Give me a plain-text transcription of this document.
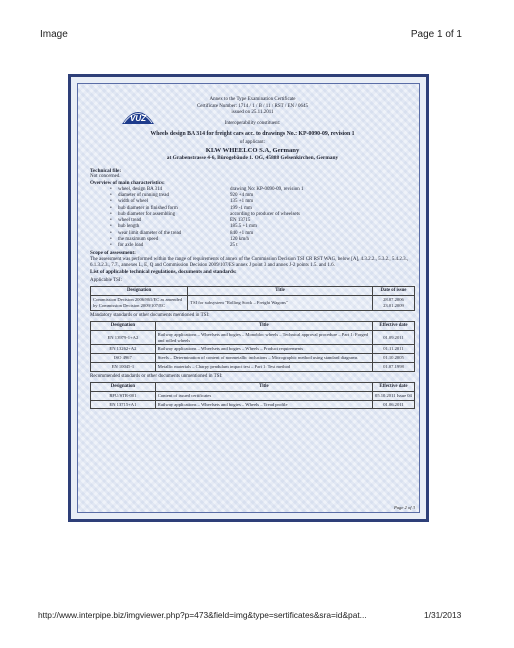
Image	Page 1 of 1
VUZ
Annex to the Type Examination Certificate
Certificate Number: 1714 / 1 / B / 11 / RST / EN / 0645
issued on 25.11.2011
Interoperability constituent:
Wheels design BA 314 for freight cars acc. to drawings No.: KP-0090-09, revision 1
of applicant:
KLW WHEELCO S.A, Germany
at Grabenstrasse 4-6, Bürogebäude 1. OG, 45888 Gelsenkirchen, Germany
Technical file:
Not concerned.
Overview of main characteristics:
•	wheel, design BA 314	drawing No: KP-0090-09, revision 1
•	diameter of running tread	920 +4 mm
•	width of wheel	135 +1 mm
•	hub diameter in finished form	199 -1 mm
•	hub diameter for assembling	according to producer of wheelsets
•	wheel tread	EN 13715
•	hub length	185.5 +1 mm
•	wear limit diameter of the tread	840 +1 mm
•	the maximum speed	120 km/h
•	for axle load	25 t
Scope of assessment:
The assessment was performed within the range of requirements of annex of the Commission Decision TSI CR RST WAG, below [A], 4.3.2.2., 5.3.2., 5.4.2.3., 6.1.3.2.3., 7.7., annexes L, E, Q and Commission Decision 2009/107/ES annex J point 3 and annex J-2 points 1.5. and 1.6.
List of applicable technical regulations, documents and standards:
Applicable TSI:
Designation	Title	Date of issue
Commission Decision 2006/861/EC as amended by Commission Decision 2009/107/EC	TSI for subsystem "Rolling Stock – Freight Wagons"	28.07.2006 23.01.2009
Mandatory standards or other documents mentioned in TSI:
Designation	Title	Effective date
EN 13979-1+A2	Railway applications – Wheelsets and bogies – Monobloc wheels – Technical approval procedure – Part 1: Forged and rolled wheels	01.09.2011
EN 13262+A2	Railway applications – Wheelsets and bogies – Wheels – Product requirements	01.11.2011
ISO 4967	Steels – Determination of content of nonmetallic inclusions – Micrographic method using standard diagrams	01.10.2005
EN 10045-1	Metallic materials – Charpy pendulum impact test – Part 1: Test method	01.07.1998
Recommended standards or other documents unmentioned in TSI:
Designation	Title	Effective date
RFU/STR-001	Content of issued certificates	05.10.2011 Issue 04
EN 13715+A1	Railway applications – Wheelsets and bogies – Wheels – Tread profile	01.06.2011
Page 2 of 3
http://www.interpipe.biz/imgviewer.php?p=473&field=img&type=sertificates&sra=id&pat...	1/31/2013
